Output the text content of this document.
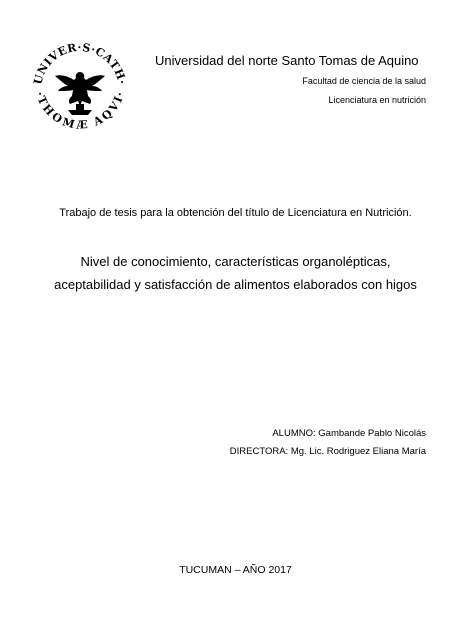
UNIVER·S·CATH·
·THOMÆ AQVI·
Universidad del norte Santo Tomas de Aquino
Facultad de ciencia de la salud
Licenciatura en nutrición
Trabajo de tesis para la obtención del título de Licenciatura en Nutrición.
Nivel de conocimiento, características organolépticas,
aceptabilidad y satisfacción de alimentos elaborados con higos
ALUMNO: Gambande Pablo Nicolás
DIRECTORA: Mg. Lic. Rodriguez Eliana María
TUCUMAN – AÑO 2017
